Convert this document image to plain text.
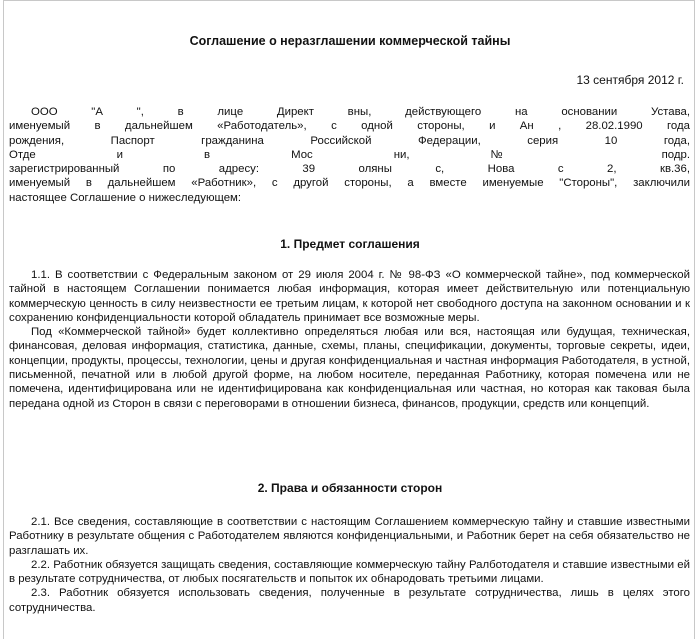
Соглашение о неразглашении коммерческой тайны
13 сентября 2012 г.
ООО "А ", в лице Директ вны, действующего на основании Устава,
именуемый в дальнейшем «Работодатель», с одной стороны, и Ан , 28.02.1990 года
рождения, Паспорт гражданина Российской Федерации, серия 10 года,
Отде и в Мос ни, № подр.
зарегистрированный по адресу: 39 оляны с, Нова с 2, кв.36,
именуемый в дальнейшем «Работник», с другой стороны, а вместе именуемые "Стороны", заключили
настоящее Соглашение о нижеследующем:
1. Предмет соглашения

1.1. В соответствии с Федеральным законом от 29 июля 2004 г. № 98-ФЗ «О коммерческой тайне», под коммерческой тайной в настоящем Соглашении понимается любая информация, которая имеет действительную или потенциальную коммерческую ценность в силу неизвестности ее третьим лицам, к которой нет свободного доступа на законном основании и к сохранению конфиденциальности которой обладатель принимает все возможные меры.

Под «Коммерческой тайной» будет коллективно определяться любая или вся, настоящая или будущая, техническая, финансовая, деловая информация, статистика, данные, схемы, планы, спецификации, документы, торговые секреты, идеи, концепции, продукты, процессы, технологии, цены и другая конфиденциальная и частная информация Работодателя, в устной, письменной, печатной или в любой другой форме, на любом носителе, переданная Работнику, которая помечена или не помечена, идентифицирована или не идентифицирована как конфиденциальная или частная, но которая как таковая была передана одной из Сторон в связи с переговорами в отношении бизнеса, финансов, продукции, средств или концепций.

2. Права и обязанности сторон

2.1. Все сведения, составляющие в соответствии с настоящим Соглашением коммерческую тайну и ставшие известными Работнику в результате общения с Работодателем являются конфиденциальными, и Работник берет на себя обязательство не разглашать их.

2.2. Работник обязуется защищать сведения, составляющие коммерческую тайну Ралботодателя и ставшие известными ей в результате сотрудничества, от любых посягательств и попыток их обнародовать третьими лицами.

2.3. Работник обязуется использовать сведения, полученные в результате сотрудничества, лишь в целях этого сотрудничества.
